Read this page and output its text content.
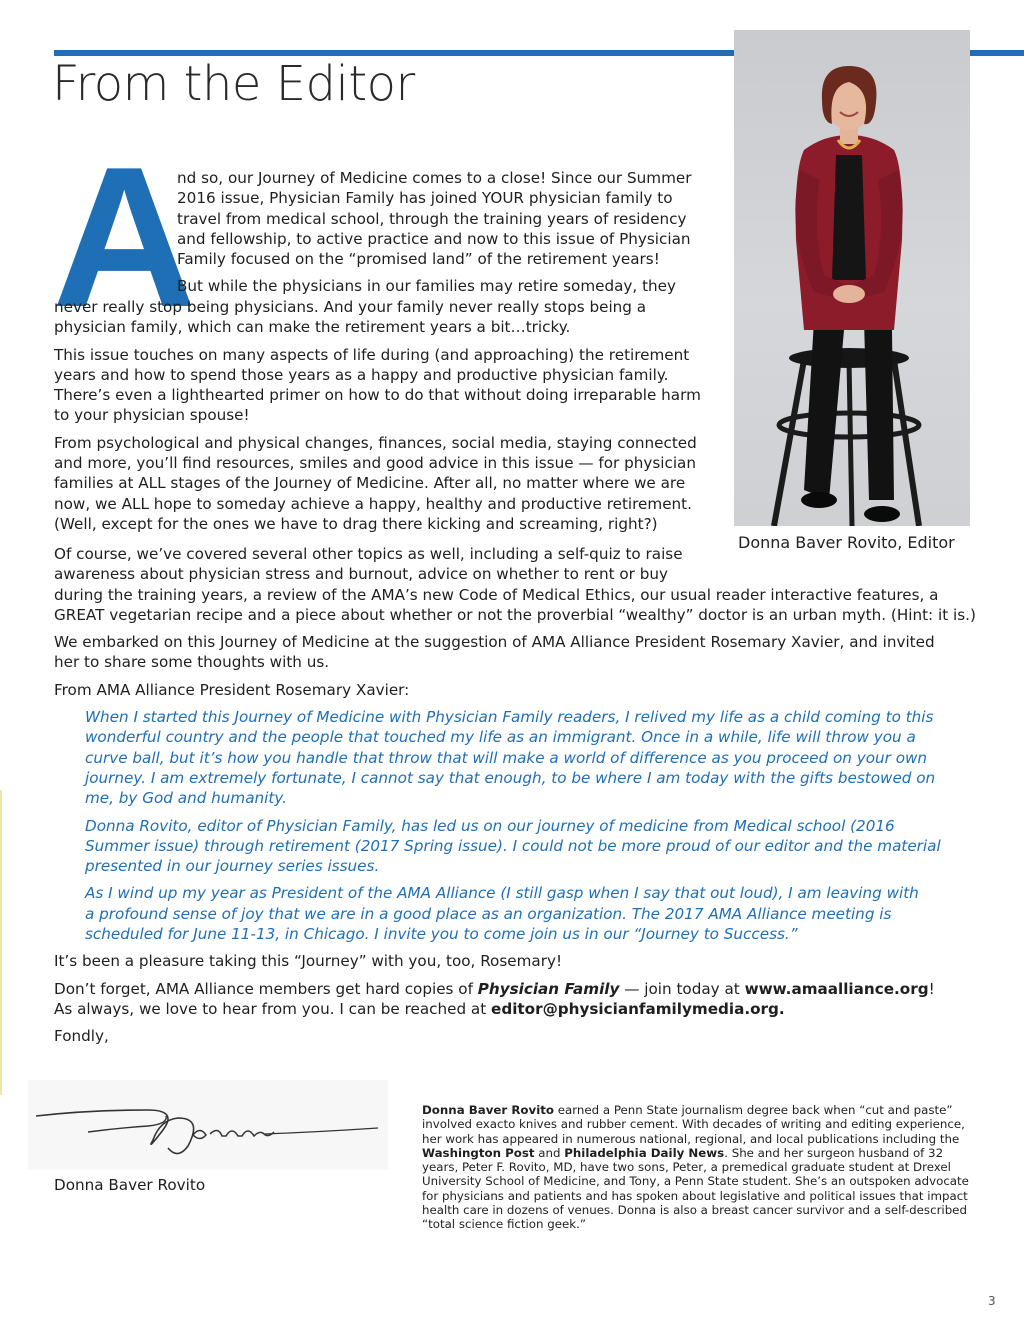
From the Editor
Donna Baver Rovito, Editor
A
nd so, our Journey of Medicine comes to a close! Since our Summer
2016 issue, Physician Family has joined YOUR physician family to
travel from medical school, through the training years of residency
and fellowship, to active practice and now to this issue of Physician
Family focused on the “promised land” of the retirement years!
But while the physicians in our families may retire someday, they
never really stop being physicians. And your family never really stops being a
physician family, which can make the retirement years a bit…tricky.
This issue touches on many aspects of life during (and approaching) the retirement
years and how to spend those years as a happy and productive physician family.
There’s even a lighthearted primer on how to do that without doing irreparable harm
to your physician spouse!
From psychological and physical changes, finances, social media, staying connected
and more, you’ll find resources, smiles and good advice in this issue — for physician
families at ALL stages of the Journey of Medicine. After all, no matter where we are
now, we ALL hope to someday achieve a happy, healthy and productive retirement.
(Well, except for the ones we have to drag there kicking and screaming, right?)
Of course, we’ve covered several other topics as well, including a self-quiz to raise
awareness about physician stress and burnout, advice on whether to rent or buy
during the training years, a review of the AMA’s new Code of Medical Ethics, our usual reader interactive features, a
GREAT vegetarian recipe and a piece about whether or not the proverbial “wealthy” doctor is an urban myth. (Hint: it is.)
We embarked on this Journey of Medicine at the suggestion of AMA Alliance President Rosemary Xavier, and invited
her to share some thoughts with us.
From AMA Alliance President Rosemary Xavier:
When I started this Journey of Medicine with Physician Family readers, I relived my life as a child coming to this
wonderful country and the people that touched my life as an immigrant. Once in a while, life will throw you a
curve ball, but it’s how you handle that throw that will make a world of difference as you proceed on your own
journey. I am extremely fortunate, I cannot say that enough, to be where I am today with the gifts bestowed on
me, by God and humanity.
Donna Rovito, editor of Physician Family, has led us on our journey of medicine from Medical school (2016
Summer issue) through retirement (2017 Spring issue). I could not be more proud of our editor and the material
presented in our journey series issues.
As I wind up my year as President of the AMA Alliance (I still gasp when I say that out loud), I am leaving with
a profound sense of joy that we are in a good place as an organization. The 2017 AMA Alliance meeting is
scheduled for June 11-13, in Chicago. I invite you to come join us in our “Journey to Success.”
It’s been a pleasure taking this “Journey” with you, too, Rosemary!
Don’t forget, AMA Alliance members get hard copies of Physician Family — join today at www.amaalliance.org!
As always, we love to hear from you. I can be reached at editor@physicianfamilymedia.org.
Fondly,
Donna Baver Rovito
Donna Baver Rovito earned a Penn State journalism degree back when “cut and paste” involved exacto knives and rubber cement. With decades of writing and editing experience, her work has appeared in numerous national, regional, and local publications including the Washington Post and Philadelphia Daily News. She and her surgeon husband of 32 years, Peter F. Rovito, MD, have two sons, Peter, a premedical graduate student at Drexel University School of Medicine, and Tony, a Penn State student. She’s an outspoken advocate for physicians and patients and has spoken about legislative and political issues that impact health care in dozens of venues. Donna is also a breast cancer survivor and a self-described “total science fiction geek.”
3
